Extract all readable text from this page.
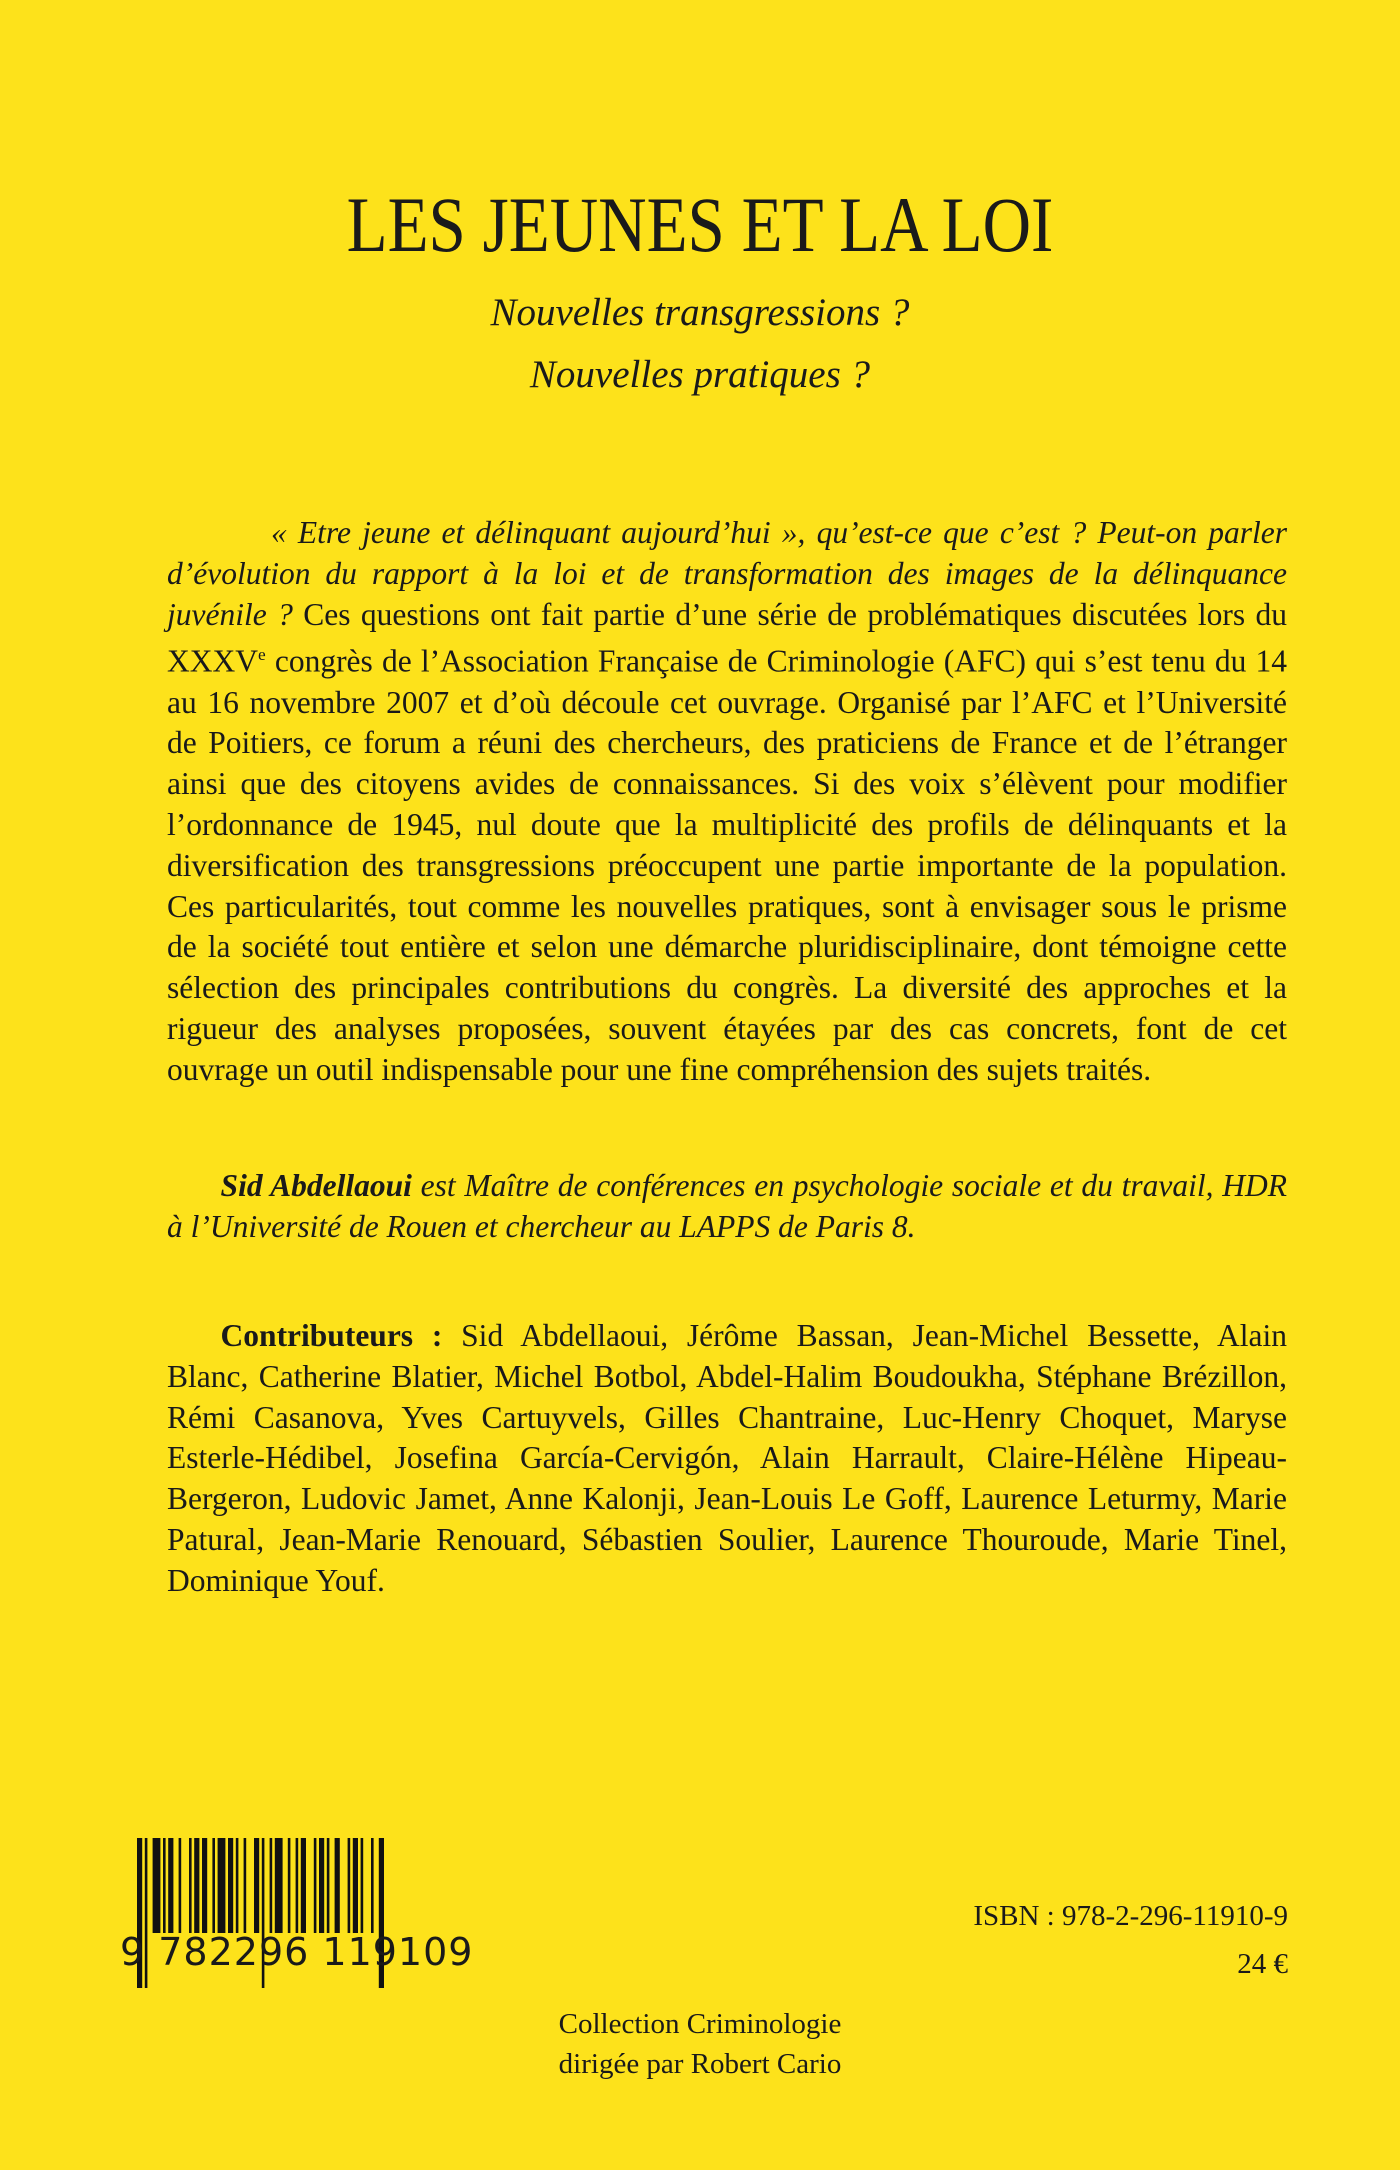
LES JEUNES ET LA LOI
Nouvelles transgressions ?
Nouvelles pratiques ?

« Etre jeune et délinquant aujourd’hui », qu’est-ce que c’est ? Peut-on parler d’évolution du rapport à la loi et de transformation des images de la délinquance juvénile ? Ces questions ont fait partie d’une série de problématiques discutées lors du XXXVe congrès de l’Association Française de Criminologie (AFC) qui s’est tenu du 14 au 16 novembre 2007 et d’où découle cet ouvrage. Organisé par l’AFC et l’Université de Poitiers, ce forum a réuni des chercheurs, des praticiens de France et de l’étranger ainsi que des citoyens avides de connaissances. Si des voix s’élèvent pour modifier l’ordonnance de 1945, nul doute que la multiplicité des profils de délinquants et la diversification des transgressions préoccupent une partie importante de la population. Ces particularités, tout comme les nouvelles pratiques, sont à envisager sous le prisme de la société tout entière et selon une démarche pluridisciplinaire, dont témoigne cette sélection des principales contributions du congrès. La diversité des approches et la rigueur des analyses proposées, souvent étayées par des cas concrets, font de cet ouvrage un outil indispensable pour une fine compréhension des sujets traités.

Sid Abdellaoui est Maître de conférences en psychologie sociale et du travail, HDR à l’Université de Rouen et chercheur au LAPPS de Paris 8.

Contributeurs : Sid Abdellaoui, Jérôme Bassan, Jean-Michel Bessette, Alain Blanc, Catherine Blatier, Michel Botbol, Abdel-Halim Boudoukha, Stéphane Brézillon, Rémi Casanova, Yves Cartuyvels, Gilles Chantraine, Luc-Henry Choquet, Maryse Esterle-Hédibel, Josefina García-Cervigón, Alain Harrault, Claire-Hélène Hipeau-Bergeron, Ludovic Jamet, Anne Kalonji, Jean-Louis Le Goff, Laurence Leturmy, Marie Patural, Jean-Marie Renouard, Sébastien Soulier, Laurence Thouroude, Marie Tinel, Dominique Youf.

9 782296 119109
ISBN : 978-2-296-11910-9
24 €
Collection Criminologie
dirigée par Robert Cario
